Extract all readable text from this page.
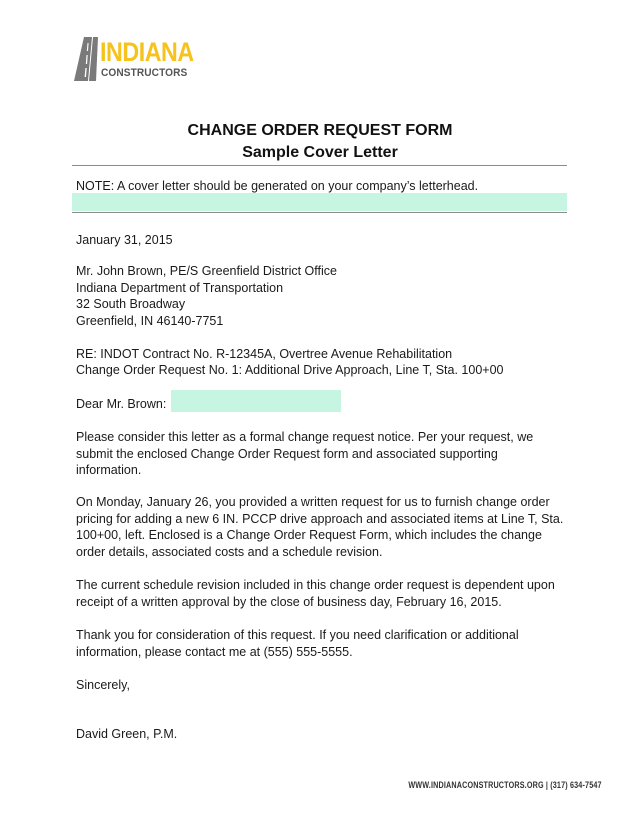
INDIANA
CONSTRUCTORS
CHANGE ORDER REQUEST FORM
Sample Cover Letter
NOTE: A cover letter should be generated on your company’s letterhead.
January 31, 2015
Mr. John Brown, PE/S Greenfield District Office
Indiana Department of Transportation
32 South Broadway
Greenfield, IN 46140-7751
RE: INDOT Contract No. R-12345A, Overtree Avenue Rehabilitation
Change Order Request No. 1: Additional Drive Approach, Line T, Sta. 100+00
Dear Mr. Brown:
Please consider this letter as a formal change request notice. Per your request, we submit the enclosed Change Order Request form and associated supporting information.
On Monday, January 26, you provided a written request for us to furnish change order pricing for adding a new 6 IN. PCCP drive approach and associated items at Line T, Sta. 100+00, left. Enclosed is a Change Order Request Form, which includes the change order details, associated costs and a schedule revision.
The current schedule revision included in this change order request is dependent upon receipt of a written approval by the close of business day, February 16, 2015.
Thank you for consideration of this request. If you need clarification or additional information, please contact me at (555) 555-5555.
Sincerely,
David Green, P.M.
WWW.INDIANACONSTRUCTORS.ORG | (317) 634-7547
